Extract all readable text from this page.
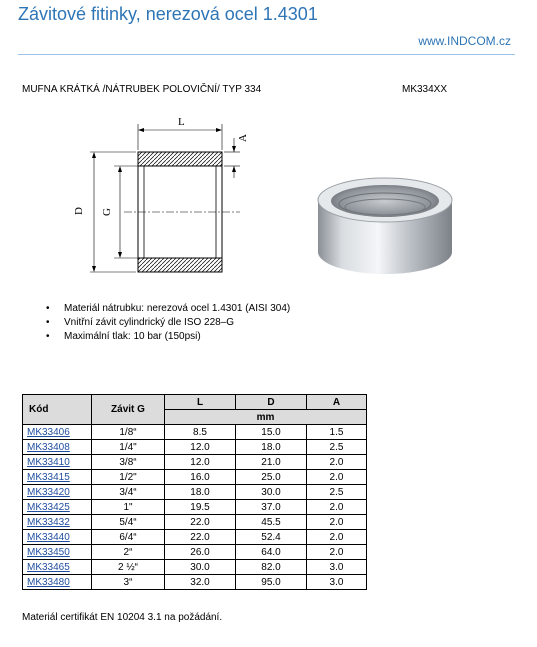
Závitové fitinky, nerezová ocel 1.4301
www.INDCOM.cz
MUFNA KRÁTKÁ /NÁTRUBEK POLOVIČNÍ/ TYP 334	MK334XX
L
A
D G
• Materiál nátrubku: nerezová ocel 1.4301 (AISI 304)
• Vnitřní závit cylindrický dle ISO 228–G
• Maximální tlak: 10 bar (150psi)
Kód	Závit G	L	D	A
		mm		
MK33406	1/8“	8.5	15.0	1.5
MK33408	1/4"	12.0	18.0	2.5
MK33410	3/8“	12.0	21.0	2.0
MK33415	1/2"	16.0	25.0	2.0
MK33420	3/4“	18.0	30.0	2.5
MK33425	1"	19.5	37.0	2.0
MK33432	5/4“	22.0	45.5	2.0
MK33440	6/4“	22.0	52.4	2.0
MK33450	2“	26.0	64.0	2.0
MK33465	2 ½“	30.0	82.0	3.0
MK33480	3“	32.0	95.0	3.0
Materiál certifikát EN 10204 3.1 na požádání.
